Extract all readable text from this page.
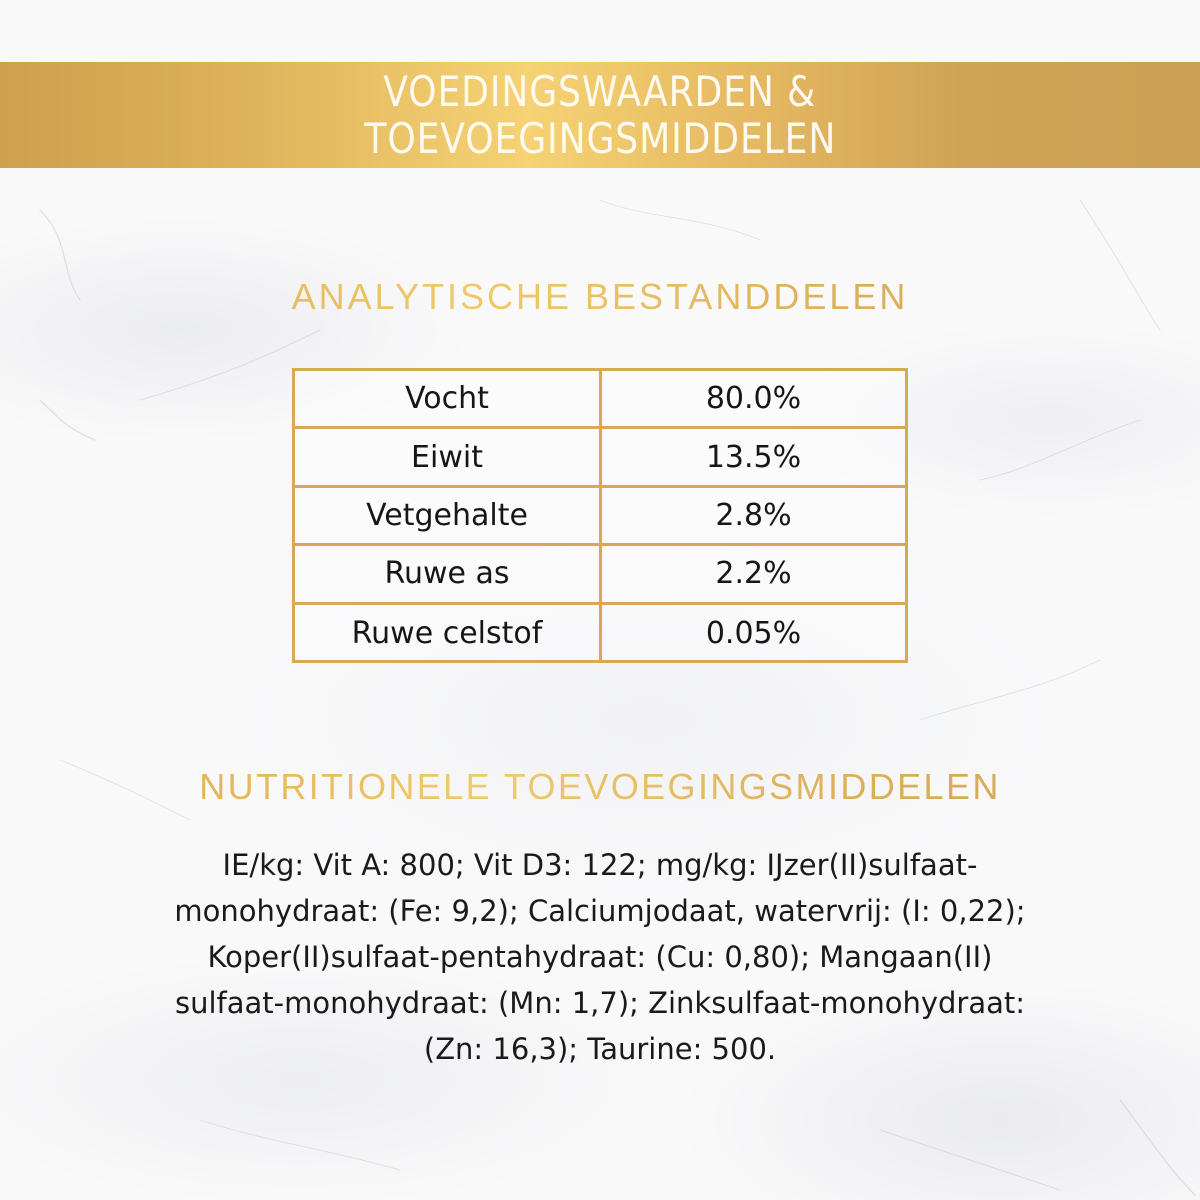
VOEDINGSWAARDEN &
TOEVOEGINGSMIDDELEN
ANALYTISCHE BESTANDDELEN
Vocht	80.0%
Eiwit	13.5%
Vetgehalte	2.8%
Ruwe as	2.2%
Ruwe celstof	0.05%
NUTRITIONELE TOEVOEGINGSMIDDELEN
IE/kg: Vit A: 800; Vit D3: 122; mg/kg: IJzer(II)sulfaat-
monohydraat: (Fe: 9,2); Calciumjodaat, watervrij: (I: 0,22);
Koper(II)sulfaat-pentahydraat: (Cu: 0,80); Mangaan(II)
sulfaat-monohydraat: (Mn: 1,7); Zinksulfaat-monohydraat:
(Zn: 16,3); Taurine: 500.
